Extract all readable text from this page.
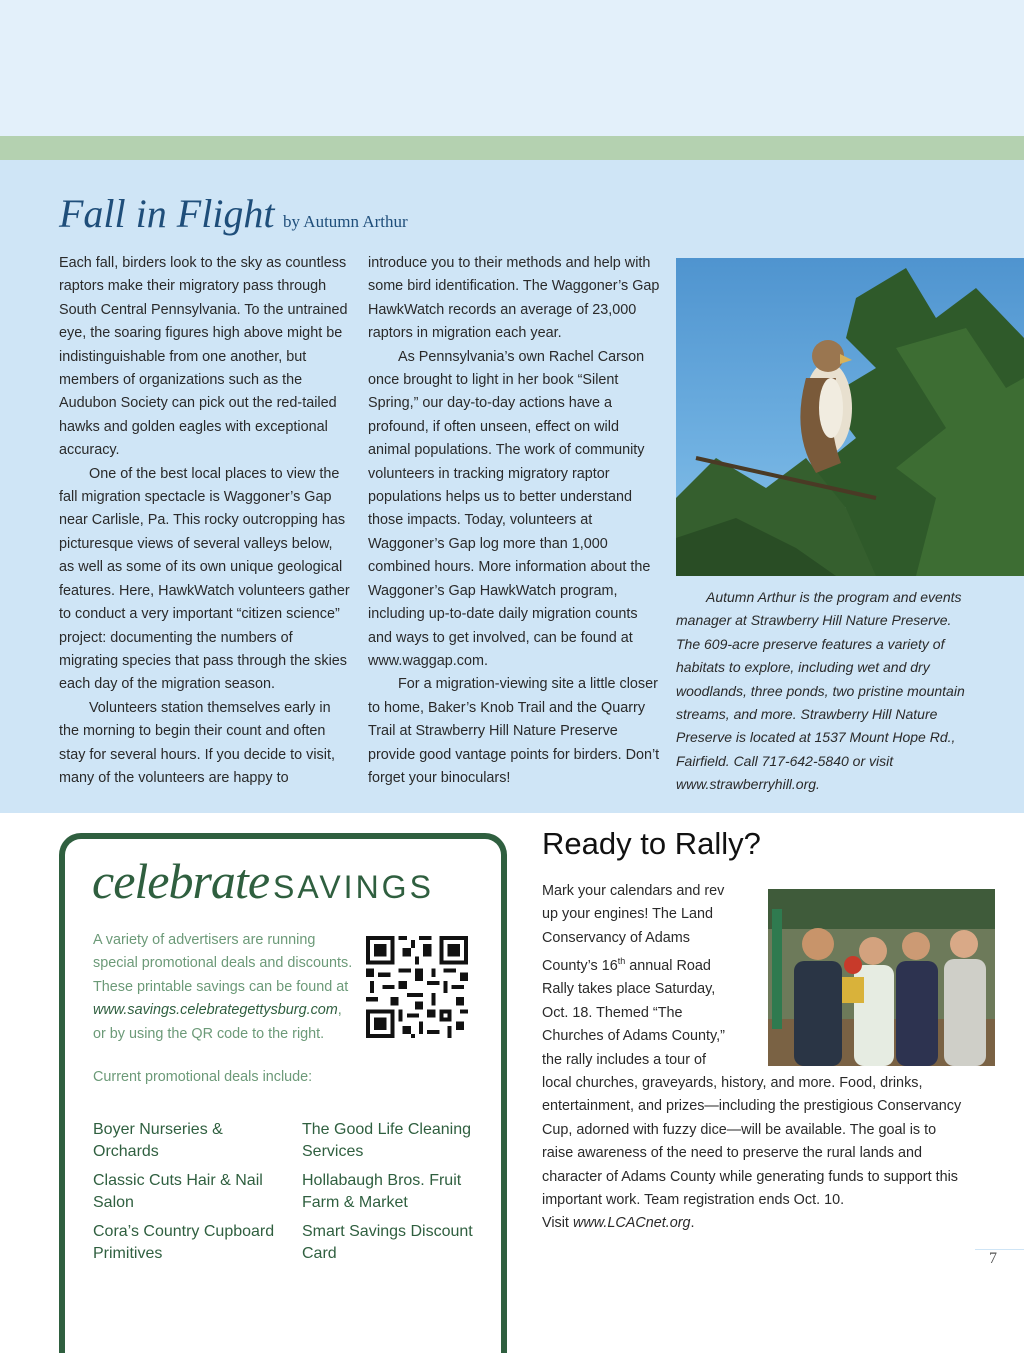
Fall in Flight by Autumn Arthur

Each fall, birders look to the sky as countless raptors make their migratory pass through South Central Pennsylvania. To the untrained eye, the soaring figures high above might be indistinguishable from one another, but members of organizations such as the Audubon Society can pick out the red-tailed hawks and golden eagles with exceptional accuracy.

One of the best local places to view the fall migration spectacle is Waggoner’s Gap near Carlisle, Pa. This rocky outcropping has picturesque views of several valleys below, as well as some of its own unique geological features. Here, HawkWatch volunteers gather to conduct a very important “citizen science” project: documenting the numbers of migrating species that pass through the skies each day of the migration season.

Volunteers station themselves early in the morning to begin their count and often stay for several hours. If you decide to visit, many of the volunteers are happy to

introduce you to their methods and help with some bird identification. The Waggoner’s Gap HawkWatch records an average of 23,000 raptors in migration each year.

As Pennsylvania’s own Rachel Carson once brought to light in her book “Silent Spring,” our day-to-day actions have a profound, if often unseen, effect on wild animal populations. The work of community volunteers in tracking migratory raptor populations helps us to better understand those impacts. Today, volunteers at Waggoner’s Gap log more than 1,000 combined hours. More information about the Waggoner’s Gap HawkWatch program, including up-to-date daily migration counts and ways to get involved, can be found at www.waggap.com.

For a migration-viewing site a little closer to home, Baker’s Knob Trail and the Quarry Trail at Strawberry Hill Nature Preserve provide good vantage points for birders. Don’t forget your binoculars!

Autumn Arthur is the program and events manager at Strawberry Hill Nature Preserve. The 609-acre preserve features a variety of habitats to explore, including wet and dry woodlands, three ponds, two pristine mountain streams, and more. Strawberry Hill Nature Preserve is located at 1537 Mount Hope Rd., Fairfield. Call 717-642-5840 or visit www.strawberryhill.org.

celebrate SAVINGS
A variety of advertisers are running special promotional deals and discounts. These printable savings can be found at www.savings.celebrategettysburg.com, or by using the QR code to the right.
Current promotional deals include:
Boyer Nurseries & Orchards
The Good Life Cleaning Services
Classic Cuts Hair & Nail Salon
Hollabaugh Bros. Fruit Farm & Market
Cora’s Country Cupboard Primitives
Smart Savings Discount Card
Ready to Rally?

Mark your calendars and rev up your engines! The Land Conservancy of Adams County’s 16th annual Road Rally takes place Saturday, Oct. 18. Themed “The Churches of Adams County,” the rally includes a tour of local churches, graveyards, history, and more. Food, drinks, entertainment, and prizes—including the prestigious Conservancy Cup, adorned with fuzzy dice—will be available. The goal is to raise awareness of the need to preserve the rural lands and character of Adams County while generating funds to support this important work. Team registration ends Oct. 10.

Visit www.LCACnet.org.

7
